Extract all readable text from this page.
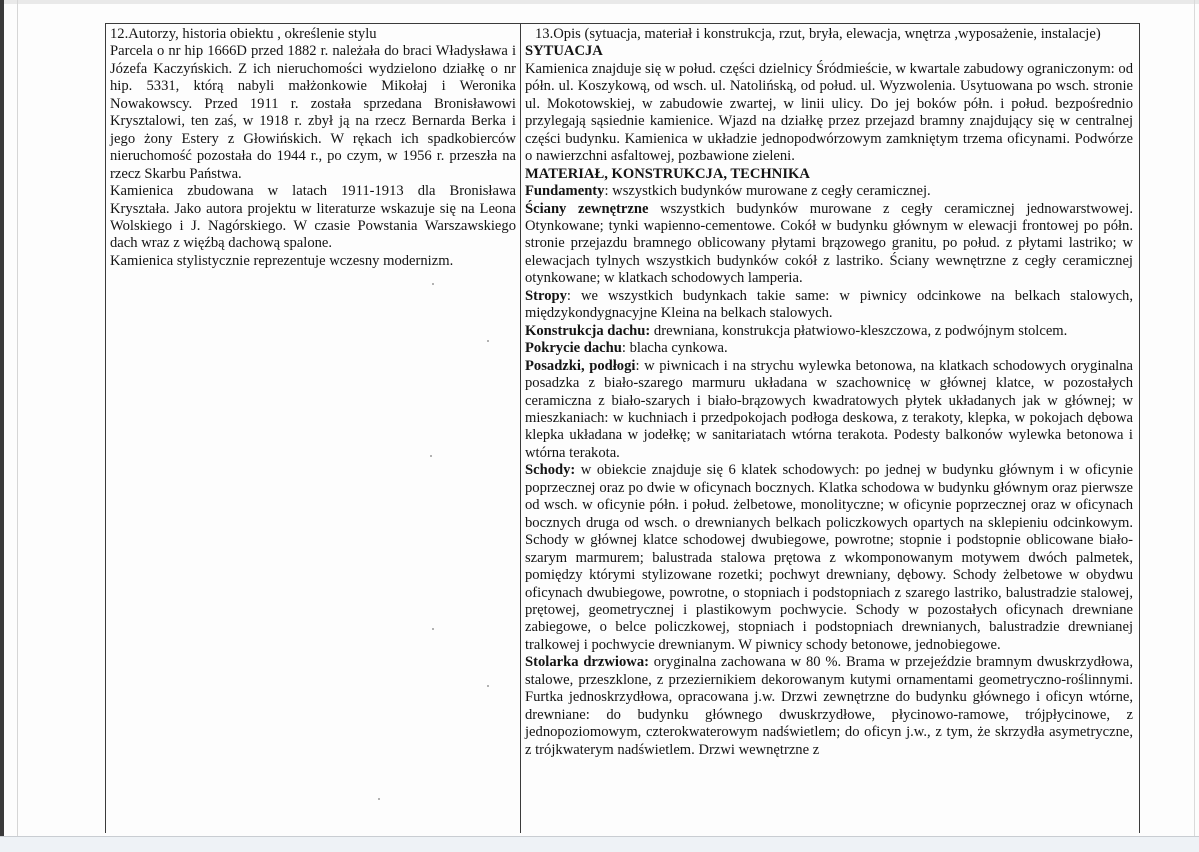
12.Autorzy, historia obiektu , określenie stylu

Parcela o nr hip 1666D przed 1882 r. należała do braci Władysława i Józefa Kaczyńskich. Z ich nieruchomości wydzielono działkę o nr hip. 5331, którą nabyli małżonkowie Mikołaj i Weronika Nowakowscy. Przed 1911 r. została sprzedana Bronisławowi Krysztalowi, ten zaś, w 1918 r. zbył ją na rzecz Bernarda Berka i jego żony Estery z Głowińskich. W rękach ich spadkobierców nieruchomość pozostała do 1944 r., po czym, w 1956 r. przeszła na rzecz Skarbu Państwa.

Kamienica zbudowana w latach 1911-1913 dla Bronisława Kryształa. Jako autora projektu w literaturze wskazuje się na Leona Wolskiego i J. Nagórskiego. W czasie Powstania Warszawskiego dach wraz z więźbą dachową spalone.

Kamienica stylistycznie reprezentuje wczesny modernizm.

13.Opis (sytuacja, materiał i konstrukcja, rzut, bryła, elewacja, wnętrza ,wyposażenie, instalacje)
SYTUACJA

Kamienica znajduje się w połud. części dzielnicy Śródmieście, w kwartale zabudowy ograniczonym: od półn. ul. Koszykową, od wsch. ul. Natolińską, od połud. ul. Wyzwolenia. Usytuowana po wsch. stronie ul. Mokotowskiej, w zabudowie zwartej, w linii ulicy. Do jej boków półn. i połud. bezpośrednio przylegają sąsiednie kamienice. Wjazd na działkę przez przejazd bramny znajdujący się w centralnej części budynku. Kamienica w układzie jednopodwórzowym zamkniętym trzema oficynami. Podwórze o nawierzchni asfaltowej, pozbawione zieleni.

MATERIAŁ, KONSTRUKCJA, TECHNIKA

Fundamenty: wszystkich budynków murowane z cegły ceramicznej.

Ściany zewnętrzne wszystkich budynków murowane z cegły ceramicznej jednowarstwowej. Otynkowane; tynki wapienno-cementowe. Cokół w budynku głównym w elewacji frontowej po półn. stronie przejazdu bramnego oblicowany płytami brązowego granitu, po połud. z płytami lastriko; w elewacjach tylnych wszystkich budynków cokół z lastriko. Ściany wewnętrzne z cegły ceramicznej otynkowane; w klatkach schodowych lamperia.

Stropy: we wszystkich budynkach takie same: w piwnicy odcinkowe na belkach stalowych, międzykondygnacyjne Kleina na belkach stalowych.

Konstrukcja dachu: drewniana, konstrukcja płatwiowo-kleszczowa, z podwójnym stolcem.

Pokrycie dachu: blacha cynkowa.

Posadzki, podłogi: w piwnicach i na strychu wylewka betonowa, na klatkach schodowych oryginalna posadzka z biało-szarego marmuru układana w szachownicę w głównej klatce, w pozostałych ceramiczna z biało-szarych i biało-brązowych kwadratowych płytek układanych jak w głównej; w mieszkaniach: w kuchniach i przedpokojach podłoga deskowa, z terakoty, klepka, w pokojach dębowa klepka układana w jodełkę; w sanitariatach wtórna terakota. Podesty balkonów wylewka betonowa i wtórna terakota.

Schody: w obiekcie znajduje się 6 klatek schodowych: po jednej w budynku głównym i w oficynie poprzecznej oraz po dwie w oficynach bocznych. Klatka schodowa w budynku głównym oraz pierwsze od wsch. w oficynie półn. i połud. żelbetowe, monolityczne; w oficynie poprzecznej oraz w oficynach bocznych druga od wsch. o drewnianych belkach policzkowych opartych na sklepieniu odcinkowym. Schody w głównej klatce schodowej dwubiegowe, powrotne; stopnie i podstopnie oblicowane biało-szarym marmurem; balustrada stalowa prętowa z wkomponowanym motywem dwóch palmetek, pomiędzy którymi stylizowane rozetki; pochwyt drewniany, dębowy. Schody żelbetowe w obydwu oficynach dwubiegowe, powrotne, o stopniach i podstopniach z szarego lastriko, balustradzie stalowej, prętowej, geometrycznej i plastikowym pochwycie. Schody w pozostałych oficynach drewniane zabiegowe, o belce policzkowej, stopniach i podstopniach drewnianych, balustradzie drewnianej tralkowej i pochwycie drewnianym. W piwnicy schody betonowe, jednobiegowe.

Stolarka drzwiowa: oryginalna zachowana w 80 %. Brama w przejeździe bramnym dwuskrzydłowa, stalowe, przeszklone, z przeziernikiem dekorowanym kutymi ornamentami geometryczno-roślinnymi. Furtka jednoskrzydłowa, opracowana j.w. Drzwi zewnętrzne do budynku głównego i oficyn wtórne, drewniane: do budynku głównego dwuskrzydłowe, płycinowo-ramowe, trójpłycinowe, z jednopoziomowym, czterokwaterowym nadświetlem; do oficyn j.w., z tym, że skrzydła asymetryczne, z trójkwaterym nadświetlem. Drzwi wewnętrzne z
